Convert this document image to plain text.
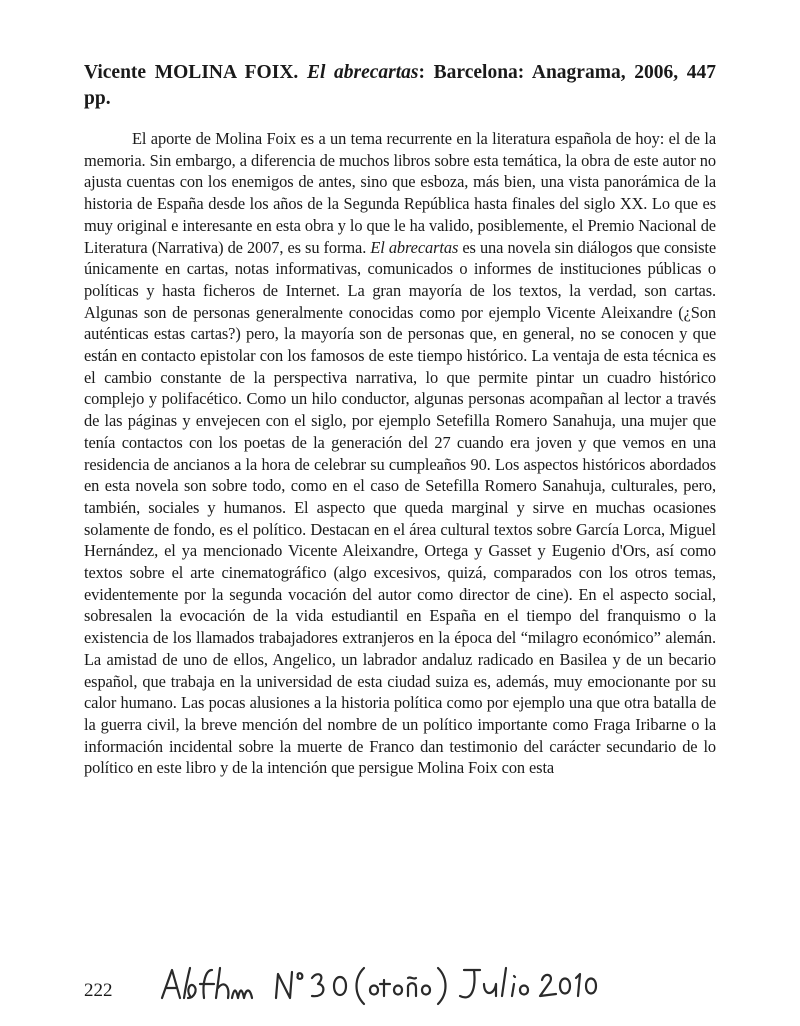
Vicente MOLINA FOIX. El abrecartas: Barcelona: Anagrama, 2006, 447 pp.

El aporte de Molina Foix es a un tema recurrente en la literatura española de hoy: el de la memoria. Sin embargo, a diferencia de muchos libros sobre esta temática, la obra de este autor no ajusta cuentas con los enemigos de antes, sino que esboza, más bien, una vista panorámica de la historia de España desde los años de la Segunda República hasta finales del siglo XX. Lo que es muy original e interesante en esta obra y lo que le ha valido, posiblemente, el Premio Nacional de Literatura (Narrativa) de 2007, es su forma. El abrecartas es una novela sin diálogos que consiste únicamente en cartas, notas informativas, comunicados o informes de instituciones públicas o políticas y hasta ficheros de Internet. La gran mayoría de los textos, la verdad, son cartas. Algunas son de personas generalmente conocidas como por ejemplo Vicente Aleixandre (¿Son auténticas estas cartas?) pero, la mayoría son de personas que, en general, no se conocen y que están en contacto epistolar con los famosos de este tiempo histórico. La ventaja de esta técnica es el cambio constante de la perspectiva narrativa, lo que permite pintar un cuadro histórico complejo y polifacético. Como un hilo conductor, algunas personas acompañan al lector a través de las páginas y envejecen con el siglo, por ejemplo Setefilla Romero Sanahuja, una mujer que tenía contactos con los poetas de la generación del 27 cuando era joven y que vemos en una residencia de ancianos a la hora de celebrar su cumpleaños 90. Los aspectos históricos abordados en esta novela son sobre todo, como en el caso de Setefilla Romero Sanahuja, culturales, pero, también, sociales y humanos. El aspecto que queda marginal y sirve en muchas ocasiones solamente de fondo, es el político. Destacan en el área cultural textos sobre García Lorca, Miguel Hernández, el ya mencionado Vicente Aleixandre, Ortega y Gasset y Eugenio d'Ors, así como textos sobre el arte cinematográfico (algo excesivos, quizá, comparados con los otros temas, evidentemente por la segunda vocación del autor como director de cine). En el aspecto social, sobresalen la evocación de la vida estudiantil en España en el tiempo del franquismo o la existencia de los llamados trabajadores extranjeros en la época del “milagro económico” alemán. La amistad de uno de ellos, Angelico, un labrador andaluz radicado en Basilea y de un becario español, que trabaja en la universidad de esta ciudad suiza es, además, muy emocionante por su calor humano. Las pocas alusiones a la historia política como por ejemplo una que otra batalla de la guerra civil, la breve mención del nombre de un político importante como Fraga Iribarne o la información incidental sobre la muerte de Franco dan testimonio del carácter secundario de lo político en este libro y de la intención que persigue Molina Foix con esta

222
